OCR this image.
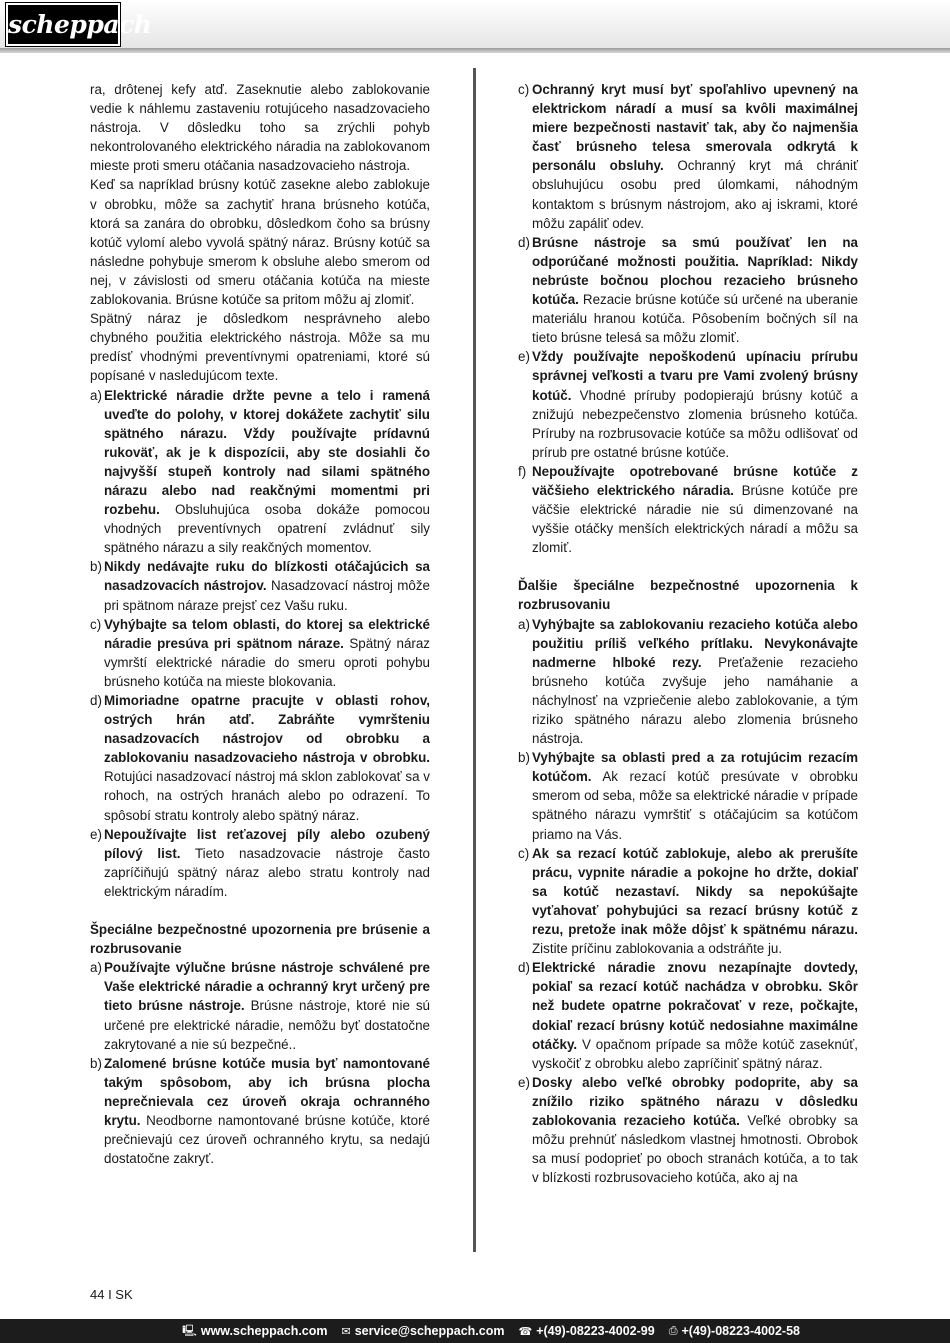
scheppach

ra, drôtenej kefy atď. Zaseknutie alebo zablokovanie vedie k náhlemu zastaveniu rotujúceho nasadzovacieho nástroja. V dôsledku toho sa zrýchli pohyb nekontrolovaného elektrického náradia na zablokovanom mieste proti smeru otáčania nasadzovacieho nástroja.

Keď sa napríklad brúsny kotúč zasekne alebo zablokuje v obrobku, môže sa zachytiť hrana brúsneho kotúča, ktorá sa zanára do obrobku, dôsledkom čoho sa brúsny kotúč vylomí alebo vyvolá spätný náraz. Brúsny kotúč sa následne pohybuje smerom k obsluhe alebo smerom od nej, v závislosti od smeru otáčania kotúča na mieste zablokovania. Brúsne kotúče sa pritom môžu aj zlomiť.

Spätný náraz je dôsledkom nesprávneho alebo chybného použitia elektrického nástroja. Môže sa mu predísť vhodnými preventívnymi opatreniami, ktoré sú popísané v nasledujúcom texte.

a) Elektrické náradie držte pevne a telo i ramená uveďte do polohy, v ktorej dokážete zachytiť silu spätného nárazu. Vždy používajte prídavnú rukoväť, ak je k dispozícii, aby ste dosiahli čo najvyšší stupeň kontroly nad silami spätného nárazu alebo nad reakčnými momentmi pri rozbehu. Obsluhujúca osoba dokáže pomocou vhodných preventívnych opatrení zvládnuť sily spätného nárazu a sily reakčných momentov.
b) Nikdy nedávajte ruku do blízkosti otáčajúcich sa nasadzovacích nástrojov. Nasadzovací nástroj môže pri spätnom náraze prejsť cez Vašu ruku.
c) Vyhýbajte sa telom oblasti, do ktorej sa elektrické náradie presúva pri spätnom náraze. Spätný náraz vymrští elektrické náradie do smeru oproti pohybu brúsneho kotúča na mieste blokovania.
d) Mimoriadne opatrne pracujte v oblasti rohov, ostrých hrán atď. Zabráňte vymršteniu nasadzovacích nástrojov od obrobku a zablokovaniu nasadzovacieho nástroja v obrobku. Rotujúci nasadzovací nástroj má sklon zablokovať sa v rohoch, na ostrých hranách alebo po odrazení. To spôsobí stratu kontroly alebo spätný náraz.
e) Nepoužívajte list reťazovej píly alebo ozubený pílový list. Tieto nasadzovacie nástroje často zapríčiňujú spätný náraz alebo stratu kontroly nad elektrickým náradím.

Špeciálne bezpečnostné upozornenia pre brúsenie a rozbrusovanie

a) Používajte výlučne brúsne nástroje schválené pre Vaše elektrické náradie a ochranný kryt určený pre tieto brúsne nástroje. Brúsne nástroje, ktoré nie sú určené pre elektrické náradie, nemôžu byť dostatočne zakrytované a nie sú bezpečné..
b) Zalomené brúsne kotúče musia byť namontované takým spôsobom, aby ich brúsna plocha neprečnievala cez úroveň okraja ochranného krytu. Neodborne namontované brúsne kotúče, ktoré prečnievajú cez úroveň ochranného krytu, sa nedajú dostatočne zakryť.
c) Ochranný kryt musí byť spoľahlivo upevnený na elektrickom náradí a musí sa kvôli maximálnej miere bezpečnosti nastaviť tak, aby čo najmenšia časť brúsneho telesa smerovala odkrytá k personálu obsluhy. Ochranný kryt má chrániť obsluhujúcu osobu pred úlomkami, náhodným kontaktom s brúsnym nástrojom, ako aj iskrami, ktoré môžu zapáliť odev.
d) Brúsne nástroje sa smú používať len na odporúčané možnosti použitia. Napríklad: Nikdy nebrúste bočnou plochou rezacieho brúsneho kotúča. Rezacie brúsne kotúče sú určené na uberanie materiálu hranou kotúča. Pôsobením bočných síl na tieto brúsne telesá sa môžu zlomiť.
e) Vždy používajte nepoškodenú upínaciu prírubu správnej veľkosti a tvaru pre Vami zvolený brúsny kotúč. Vhodné príruby podopierajú brúsny kotúč a znižujú nebezpečenstvo zlomenia brúsneho kotúča. Príruby na rozbrusovacie kotúče sa môžu odlišovať od prírub pre ostatné brúsne kotúče.
f) Nepoužívajte opotrebované brúsne kotúče z väčšieho elektrického náradia. Brúsne kotúče pre väčšie elektrické náradie nie sú dimenzované na vyššie otáčky menších elektrických náradí a môžu sa zlomiť.

Ďalšie špeciálne bezpečnostné upozornenia k rozbrusovaniu

a) Vyhýbajte sa zablokovaniu rezacieho kotúča alebo použitiu príliš veľkého prítlaku. Nevykonávajte nadmerne hlboké rezy. Preťaženie rezacieho brúsneho kotúča zvyšuje jeho namáhanie a náchylnosť na vzpriečenie alebo zablokovanie, a tým riziko spätného nárazu alebo zlomenia brúsneho nástroja.
b) Vyhýbajte sa oblasti pred a za rotujúcim rezacím kotúčom. Ak rezací kotúč presúvate v obrobku smerom od seba, môže sa elektrické náradie v prípade spätného nárazu vymrštiť s otáčajúcim sa kotúčom priamo na Vás.
c) Ak sa rezací kotúč zablokuje, alebo ak prerušíte prácu, vypnite náradie a pokojne ho držte, dokiaľ sa kotúč nezastaví. Nikdy sa nepokúšajte vyťahovať pohybujúci sa rezací brúsny kotúč z rezu, pretože inak môže dôjsť k spätnému nárazu. Zistite príčinu zablokovania a odstráňte ju.
d) Elektrické náradie znovu nezapínajte dovtedy, pokiaľ sa rezací kotúč nachádza v obrobku. Skôr než budete opatrne pokračovať v reze, počkajte, dokiaľ rezací brúsny kotúč nedosiahne maximálne otáčky. V opačnom prípade sa môže kotúč zaseknúť, vyskočiť z obrobku alebo zapríčiniť spätný náraz.
e) Dosky alebo veľké obrobky podoprite, aby sa znížilo riziko spätného nárazu v dôsledku zablokovania rezacieho kotúča. Veľké obrobky sa môžu prehnúť následkom vlastnej hmotnosti. Obrobok sa musí podoprieť po oboch stranách kotúča, a to tak v blízkosti rozbrusovacieho kotúča, ako aj na
44 I SK
🖳 www.scheppach.com ✉ service@scheppach.com ☎ +(49)-08223-4002-99 ⎙ +(49)-08223-4002-58
